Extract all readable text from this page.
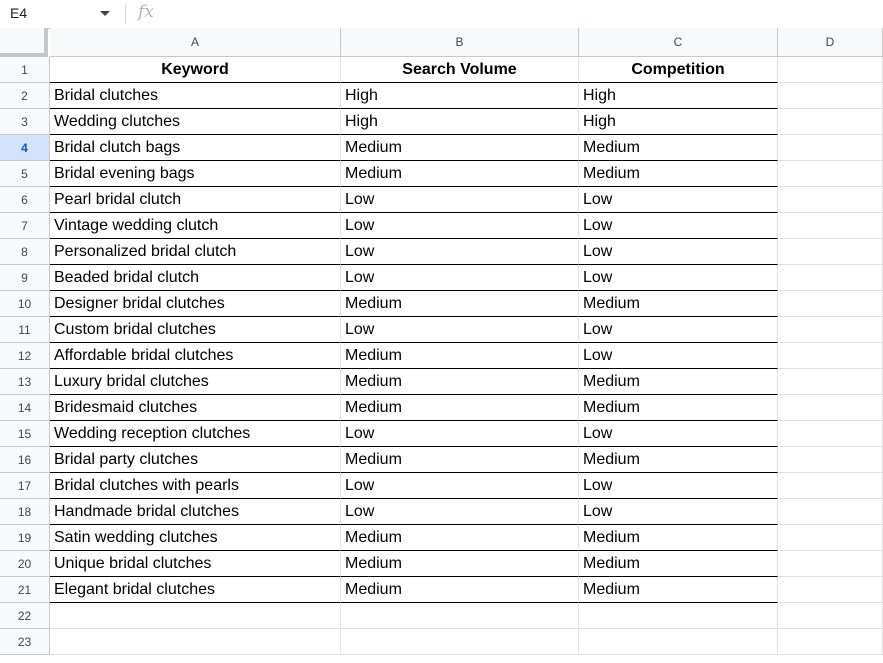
E4	fx
A	B	C	D
1	Keyword	Search Volume	Competition
2	Bridal clutches	High	High
3	Wedding clutches	High	High
4	Bridal clutch bags	Medium	Medium
5	Bridal evening bags	Medium	Medium
6	Pearl bridal clutch	Low	Low
7	Vintage wedding clutch	Low	Low
8	Personalized bridal clutch	Low	Low
9	Beaded bridal clutch	Low	Low
10	Designer bridal clutches	Medium	Medium
11	Custom bridal clutches	Low	Low
12	Affordable bridal clutches	Medium	Low
13	Luxury bridal clutches	Medium	Medium
14	Bridesmaid clutches	Medium	Medium
15	Wedding reception clutches	Low	Low
16	Bridal party clutches	Medium	Medium
17	Bridal clutches with pearls	Low	Low
18	Handmade bridal clutches	Low	Low
19	Satin wedding clutches	Medium	Medium
20	Unique bridal clutches	Medium	Medium
21	Elegant bridal clutches	Medium	Medium
22
23
